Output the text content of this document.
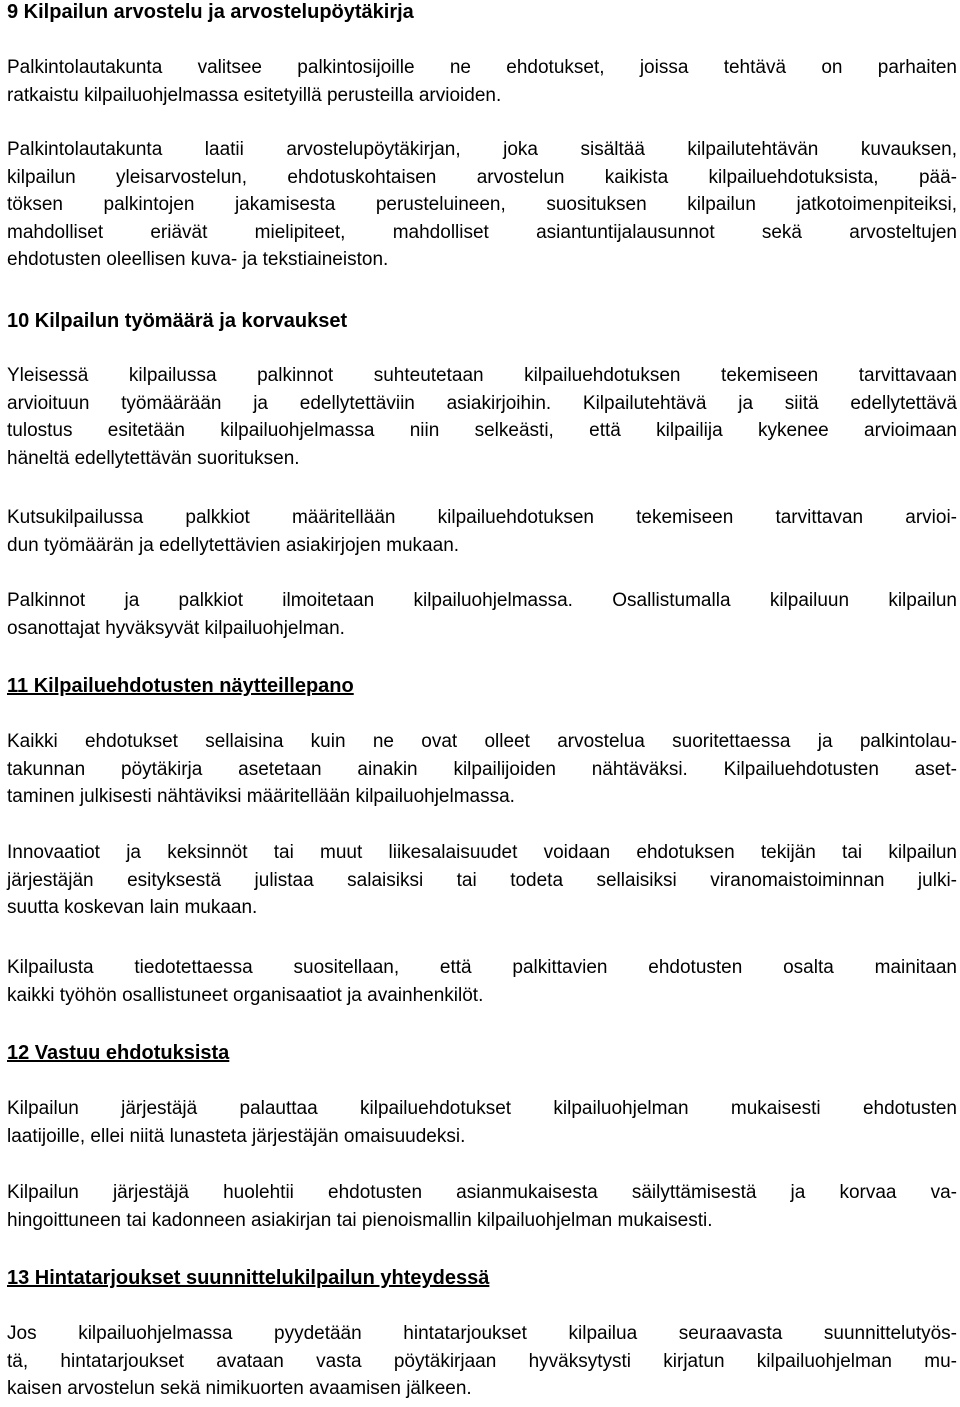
9 Kilpailun arvostelu ja arvostelupöytäkirja

Palkintolautakunta valitsee palkintosijoille ne ehdotukset, joissa tehtävä on parhaiten
ratkaistu kilpailuohjelmassa esitetyillä perusteilla arvioiden.

Palkintolautakunta laatii arvostelupöytäkirjan, joka sisältää kilpailutehtävän kuvauksen,
kilpailun yleisarvostelun, ehdotuskohtaisen arvostelun kaikista kilpailuehdotuksista, pää-
töksen palkintojen jakamisesta perusteluineen, suosituksen kilpailun jatkotoimenpiteiksi,
mahdolliset eriävät mielipiteet, mahdolliset asiantuntijalausunnot sekä arvosteltujen
ehdotusten oleellisen kuva- ja tekstiaineiston.

10 Kilpailun työmäärä ja korvaukset

Yleisessä kilpailussa palkinnot suhteutetaan kilpailuehdotuksen tekemiseen tarvittavaan
arvioituun työmäärään ja edellytettäviin asiakirjoihin. Kilpailutehtävä ja siitä edellytettävä
tulostus esitetään kilpailuohjelmassa niin selkeästi, että kilpailija kykenee arvioimaan
häneltä edellytettävän suorituksen.

Kutsukilpailussa palkkiot määritellään kilpailuehdotuksen tekemiseen tarvittavan arvioi-
dun työmäärän ja edellytettävien asiakirjojen mukaan.

Palkinnot ja palkkiot ilmoitetaan kilpailuohjelmassa. Osallistumalla kilpailuun kilpailun
osanottajat hyväksyvät kilpailuohjelman.

11 Kilpailuehdotusten näytteillepano

Kaikki ehdotukset sellaisina kuin ne ovat olleet arvostelua suoritettaessa ja palkintolau-
takunnan pöytäkirja asetetaan ainakin kilpailijoiden nähtäväksi. Kilpailuehdotusten aset-
taminen julkisesti nähtäviksi määritellään kilpailuohjelmassa.

Innovaatiot ja keksinnöt tai muut liikesalaisuudet voidaan ehdotuksen tekijän tai kilpailun
järjestäjän esityksestä julistaa salaisiksi tai todeta sellaisiksi viranomaistoiminnan julki-
suutta koskevan lain mukaan.

Kilpailusta tiedotettaessa suositellaan, että palkittavien ehdotusten osalta mainitaan
kaikki työhön osallistuneet organisaatiot ja avainhenkilöt.

12 Vastuu ehdotuksista

Kilpailun järjestäjä palauttaa kilpailuehdotukset kilpailuohjelman mukaisesti ehdotusten
laatijoille, ellei niitä lunasteta järjestäjän omaisuudeksi.

Kilpailun järjestäjä huolehtii ehdotusten asianmukaisesta säilyttämisestä ja korvaa va-
hingoittuneen tai kadonneen asiakirjan tai pienoismallin kilpailuohjelman mukaisesti.

13 Hintatarjoukset suunnittelukilpailun yhteydessä

Jos kilpailuohjelmassa pyydetään hintatarjoukset kilpailua seuraavasta suunnittelutyös-
tä, hintatarjoukset avataan vasta pöytäkirjaan hyväksytysti kirjatun kilpailuohjelman mu-
kaisen arvostelun sekä nimikuorten avaamisen jälkeen.
